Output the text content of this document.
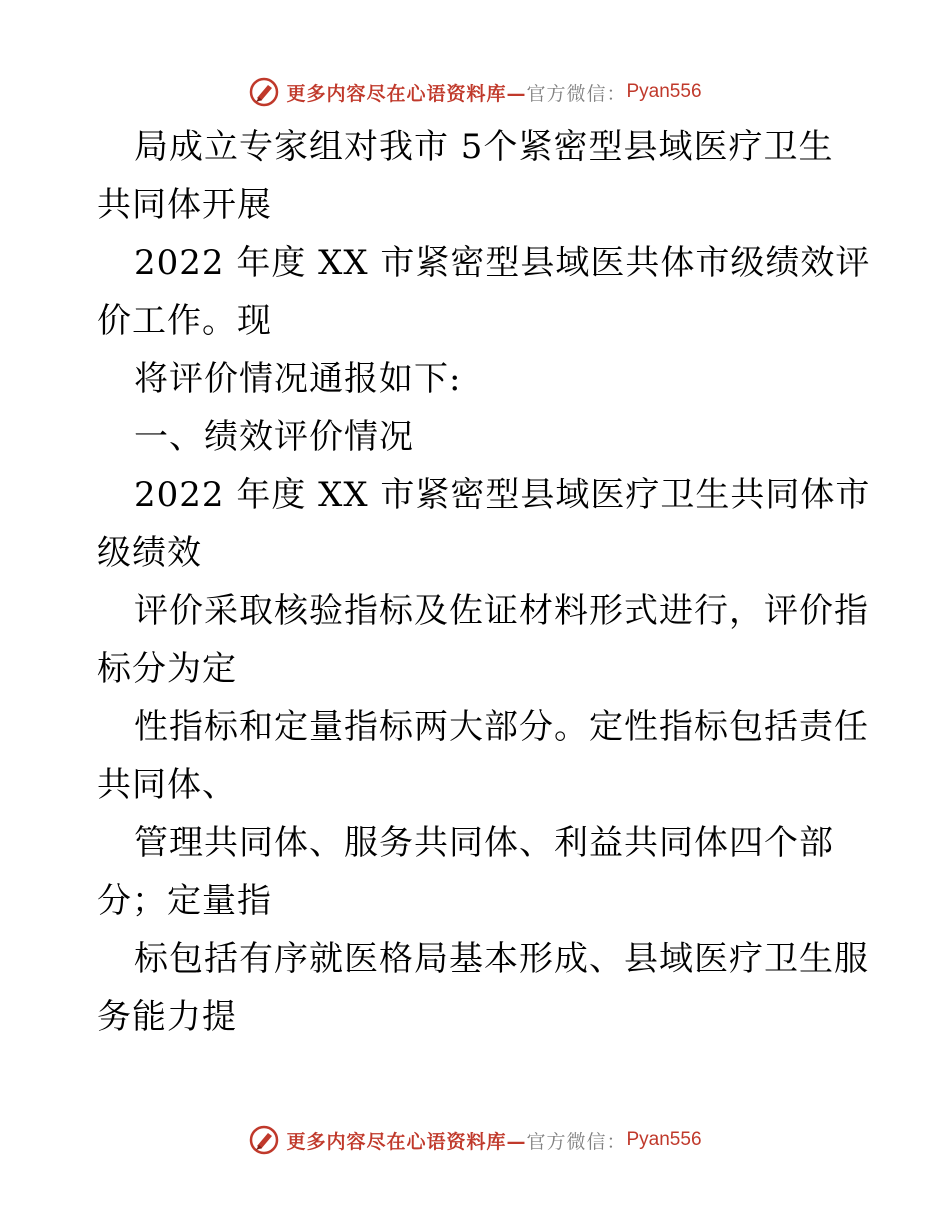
更多内容尽在心语资料库— 官方微信： Pyan556
局成立专家组对我市 5个紧密型县域医疗卫生
共同体开展
2022 年度 XX 市紧密型县域医共体市级绩效评
价工作。现
将评价情况通报如下:
一、绩效评价情况
2022 年度 XX 市紧密型县域医疗卫生共同体市
级绩效
评价采取核验指标及佐证材料形式进行，评价指
标分为定
性指标和定量指标两大部分。定性指标包括责任
共同体、
管理共同体、服务共同体、利益共同体四个部
分；定量指
标包括有序就医格局基本形成、县域医疗卫生服
务能力提
更多内容尽在心语资料库— 官方微信： Pyan556
